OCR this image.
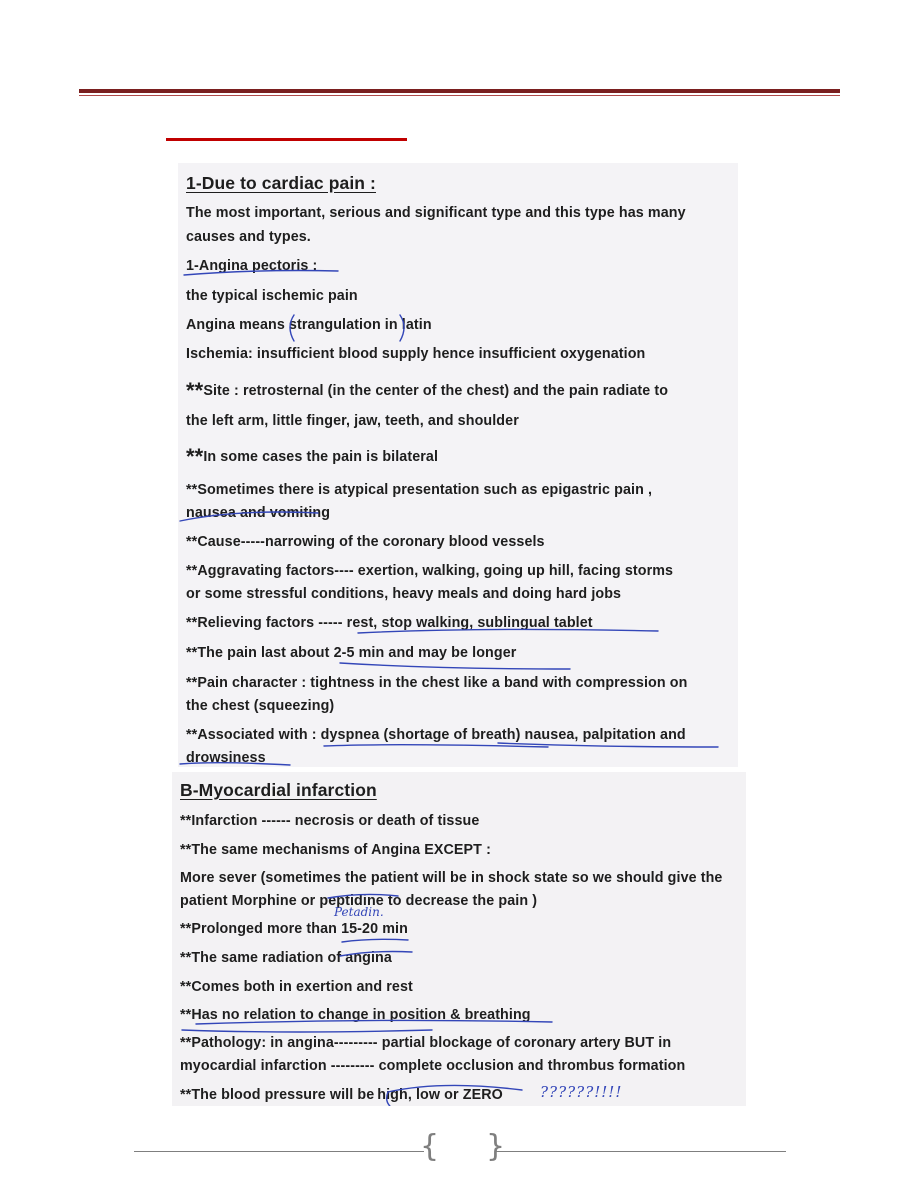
1-Due to cardiac pain :
The most important, serious and significant type and this type has many
causes and types.
1-Angina pectoris :
the typical ischemic pain
Angina means strangulation in latin
Ischemia: insufficient blood supply hence insufficient oxygenation
**Site : retrosternal (in the center of the chest) and the pain radiate to
the left arm, little finger, jaw, teeth, and shoulder
**In some cases the pain is bilateral
**Sometimes there is atypical presentation such as epigastric pain ,
nausea and vomiting
**Cause-----narrowing of the coronary blood vessels
**Aggravating factors---- exertion, walking, going up hill, facing storms
or some stressful conditions, heavy meals and doing hard jobs
**Relieving factors ----- rest, stop walking, sublingual tablet
**The pain last about 2-5 min and may be longer
**Pain character : tightness in the chest like a band with compression on
the chest (squeezing)
**Associated with : dyspnea (shortage of breath) nausea, palpitation and
drowsiness
B-Myocardial infarction
**Infarction ------ necrosis or death of tissue
**The same mechanisms of Angina EXCEPT :
More sever (sometimes the patient will be in shock state so we should give the
patient Morphine or peptidine to decrease the pain )
Petadin.
**Prolonged more than 15-20 min
**The same radiation of angina
**Comes both in exertion and rest
**Has no relation to change in position & breathing
**Pathology: in angina--------- partial blockage of coronary artery BUT in
myocardial infarction --------- complete occlusion and thrombus formation
**The blood pressure will be high, low or ZERO ??????!!!!
{ }
